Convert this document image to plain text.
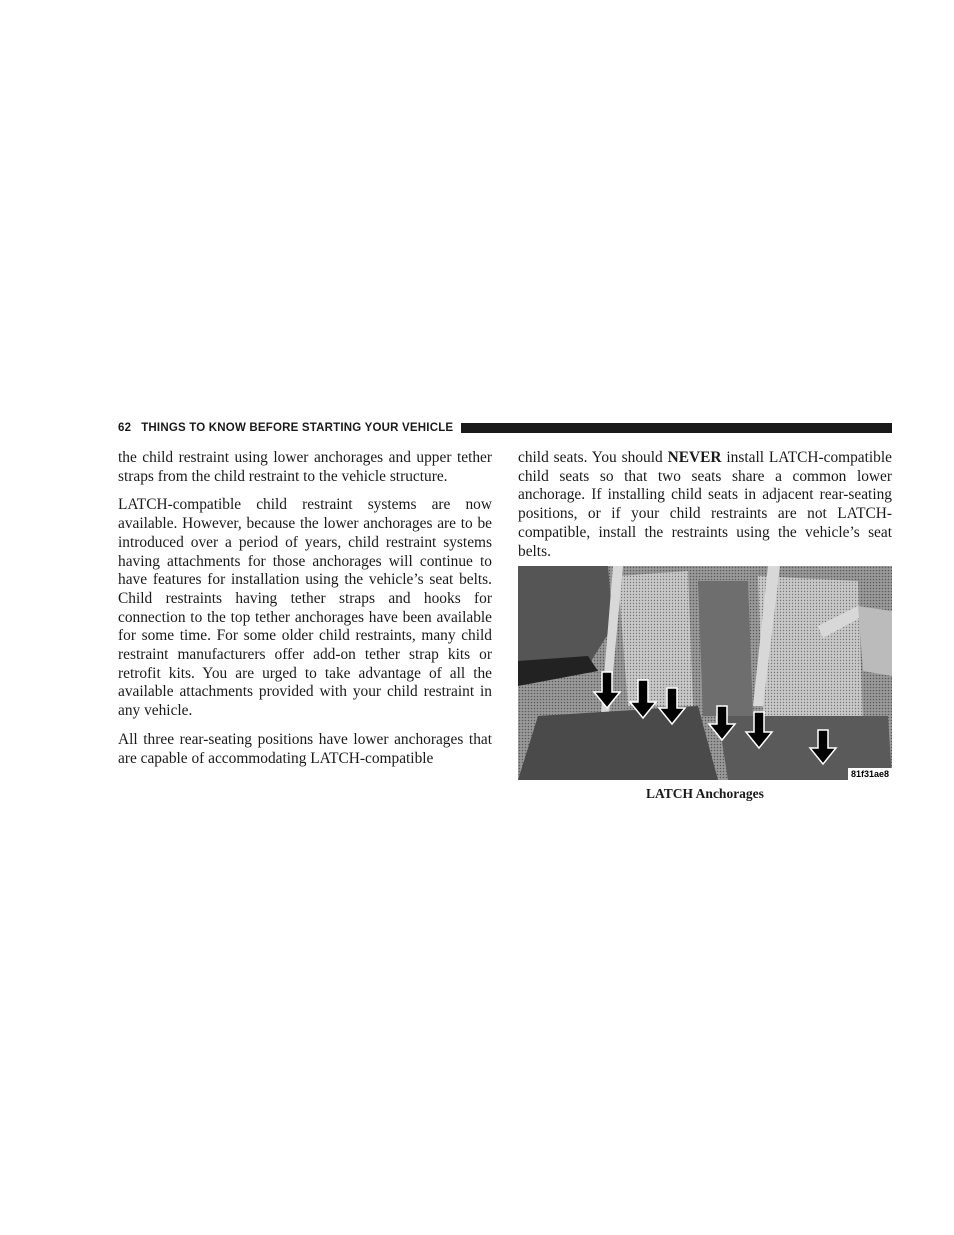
62 THINGS TO KNOW BEFORE STARTING YOUR VEHICLE

the child restraint using lower anchorages and upper tether straps from the child restraint to the vehicle structure.

LATCH-compatible child restraint systems are now available. However, because the lower anchorages are to be introduced over a period of years, child restraint systems having attachments for those anchorages will continue to have features for installation using the vehicle’s seat belts. Child restraints having tether straps and hooks for connection to the top tether anchorages have been available for some time. For some older child restraints, many child restraint manufacturers offer add-on tether strap kits or retrofit kits. You are urged to take advantage of all the available attachments provided with your child restraint in any vehicle.

All three rear-seating positions have lower anchorages that are capable of accommodating LATCH-compatible

child seats. You should NEVER install LATCH-compatible child seats so that two seats share a common lower anchorage. If installing child seats in adjacent rear-seating positions, or if your child restraints are not LATCH-compatible, install the restraints using the vehicle’s seat belts.

81f31ae8
LATCH Anchorages
